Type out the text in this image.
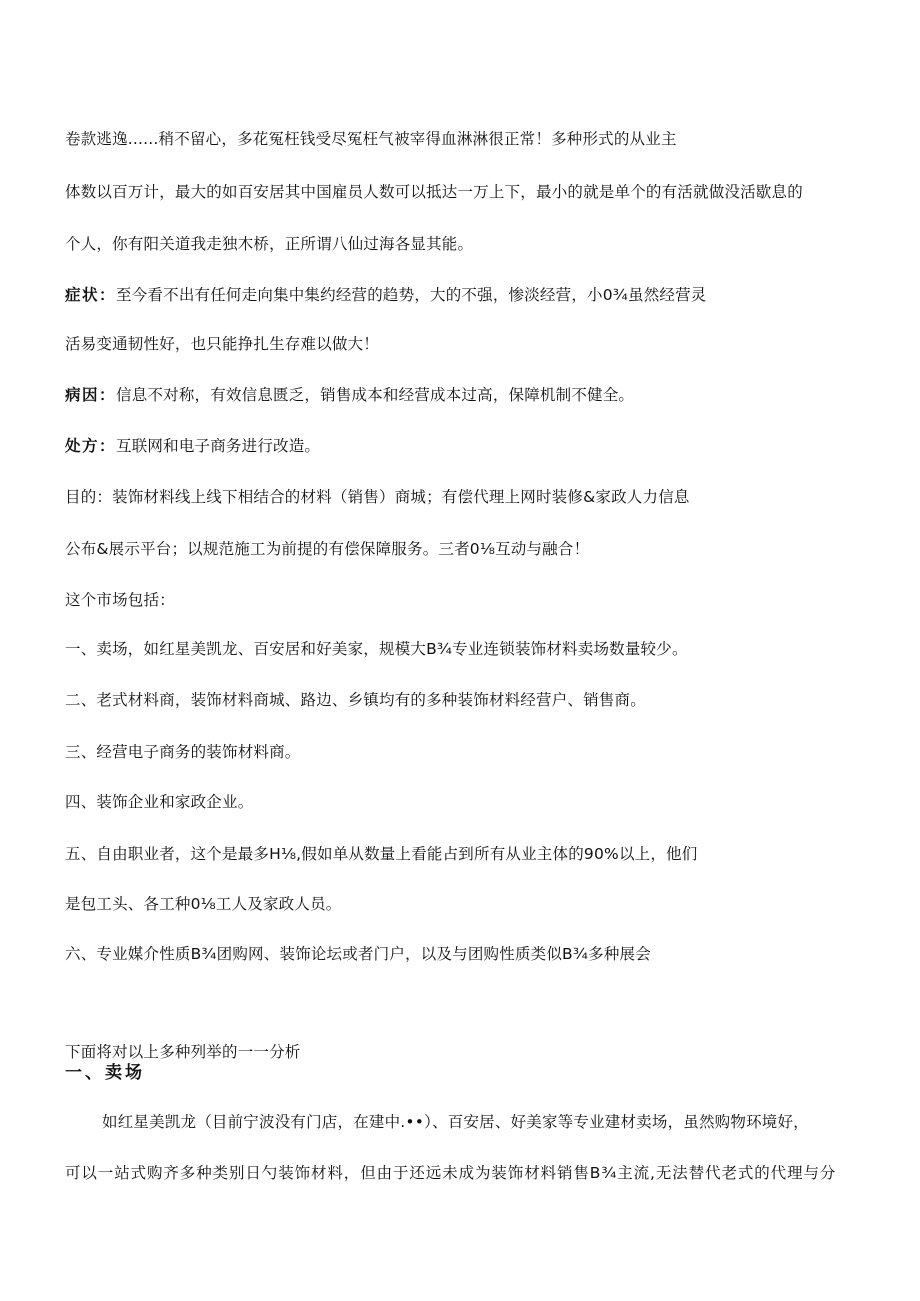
卷款逃逸......稍不留心，多花冤枉钱受尽冤枉气被宰得血淋淋很正常！多种形式的从业主
体数以百万计，最大的如百安居其中国雇员人数可以抵达一万上下，最小的就是单个的有活就做没活歇息的
个人，你有阳关道我走独木桥，正所谓八仙过海各显其能。
症状：至今看不出有任何走向集中集约经营的趋势，大的不强，惨淡经营，小0¾虽然经营灵
活易变通韧性好，也只能挣扎生存难以做大！
病因：信息不对称，有效信息匮乏，销售成本和经营成本过高，保障机制不健全。
处方：互联网和电子商务进行改造。
目的：装饰材料线上线下相结合的材料（销售）商城；有偿代理上网时装修&家政人力信息
公布&展示平台；以规范施工为前提的有偿保障服务。三者0⅛互动与融合！
这个市场包括：
一、卖场，如红星美凯龙、百安居和好美家，规模大B¾专业连锁装饰材料卖场数量较少。
二、老式材料商，装饰材料商城、路边、乡镇均有的多种装饰材料经营户、销售商。
三、经营电子商务的装饰材料商。
四、装饰企业和家政企业。
五、自由职业者，这个是最多H⅛,假如单从数量上看能占到所有从业主体的90%以上，他们
是包工头、各工种0⅛工人及家政人员。
六、专业媒介性质B¾团购网、装饰论坛或者门户，以及与团购性质类似B¾多种展会
下面将对以上多种列举的一一分析
一、卖场
如红星美凯龙（目前宁波没有门店，在建中.••）、百安居、好美家等专业建材卖场，虽然购物环境好，
可以一站式购齐多种类别日勺装饰材料，但由于还远未成为装饰材料销售B¾主流,无法替代老式的代理与分
